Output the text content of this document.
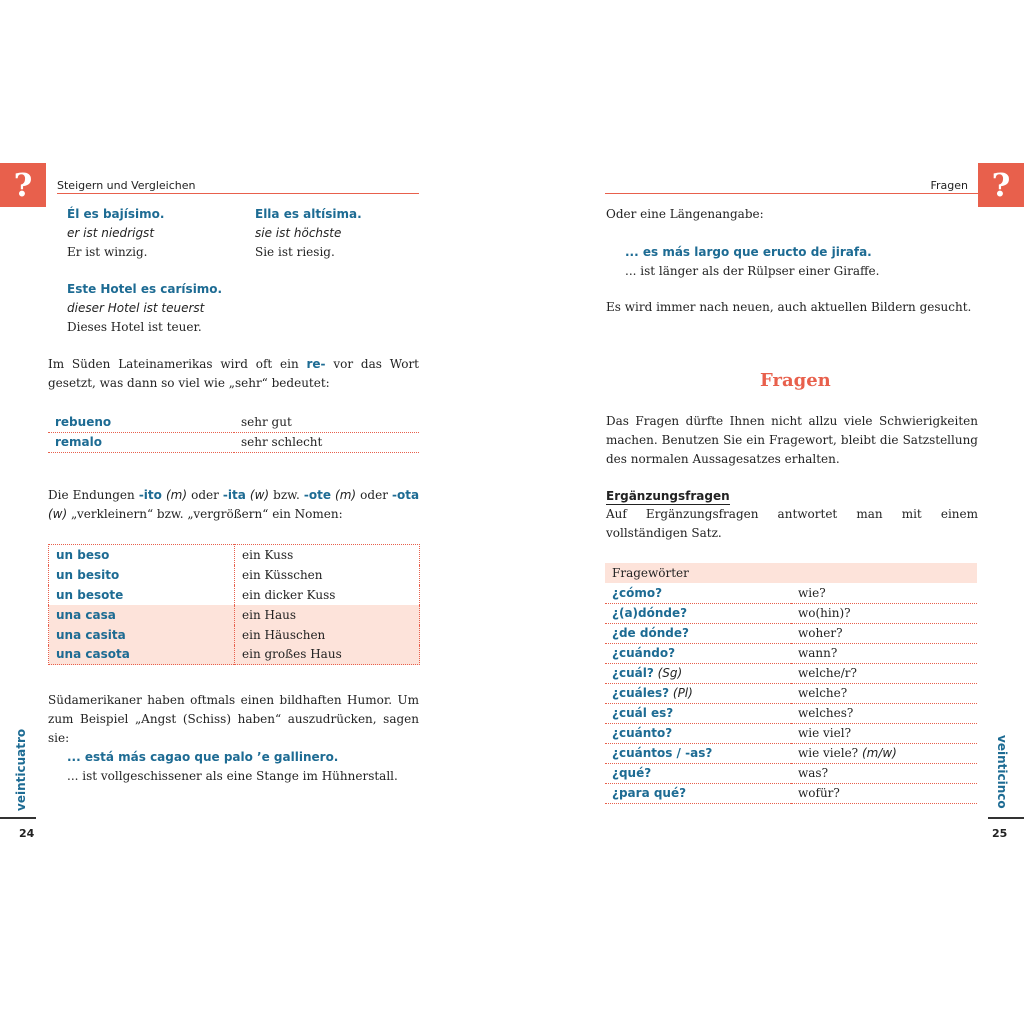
?	Steigern und Vergleichen
Él es bajísimo.
er ist niedrigst
Er ist winzig.
Ella es altísima.
sie ist höchste
Sie ist riesig.
Este Hotel es carísimo.
dieser Hotel ist teuerst
Dieses Hotel ist teuer.
Im Süden Lateinamerikas wird oft ein re- vor das Wort gesetzt, was dann so viel wie „sehr“ bedeutet:
rebueno	sehr gut
remalo	sehr schlecht
Die Endungen -ito (m) oder -ita (w) bzw. -ote (m) oder -ota (w) „verkleinern“ bzw. „vergrößern“ ein Nomen:
un beso	ein Kuss
un besito	ein Küsschen
un besote	ein dicker Kuss
una casa	ein Haus
una casita	ein Häuschen
una casota	ein großes Haus
Südamerikaner haben oftmals einen bildhaften Humor. Um zum Beispiel „Angst (Schiss) haben“ auszudrücken, sagen sie:
... está más cagao que palo ’e gallinero.
... ist vollgeschissener als eine Stange im Hühnerstall.
veinticuatro
24
?
Fragen
Oder eine Längenangabe:
... es más largo que eructo de jirafa.
... ist länger als der Rülpser einer Giraffe.
Es wird immer nach neuen, auch aktuellen Bildern gesucht.
Fragen
Das Fragen dürfte Ihnen nicht allzu viele Schwierigkeiten machen. Benutzen Sie ein Fragewort, bleibt die Satzstellung des normalen Aussagesatzes erhalten.
Ergänzungsfragen
Auf Ergänzungsfragen antwortet man mit einem vollständigen Satz.
Fragewörter	
¿cómo?	wie?
¿(a)dónde?	wo(hin)?
¿de dónde?	woher?
¿cuándo?	wann?
¿cuál? (Sg)	welche/r?
¿cuáles? (Pl)	welche?
¿cuál es?	welches?
¿cuánto?	wie viel?
¿cuántos / -as?	wie viele? (m/w)
¿qué?	was?
¿para qué?	wofür?	veinticinco
25
